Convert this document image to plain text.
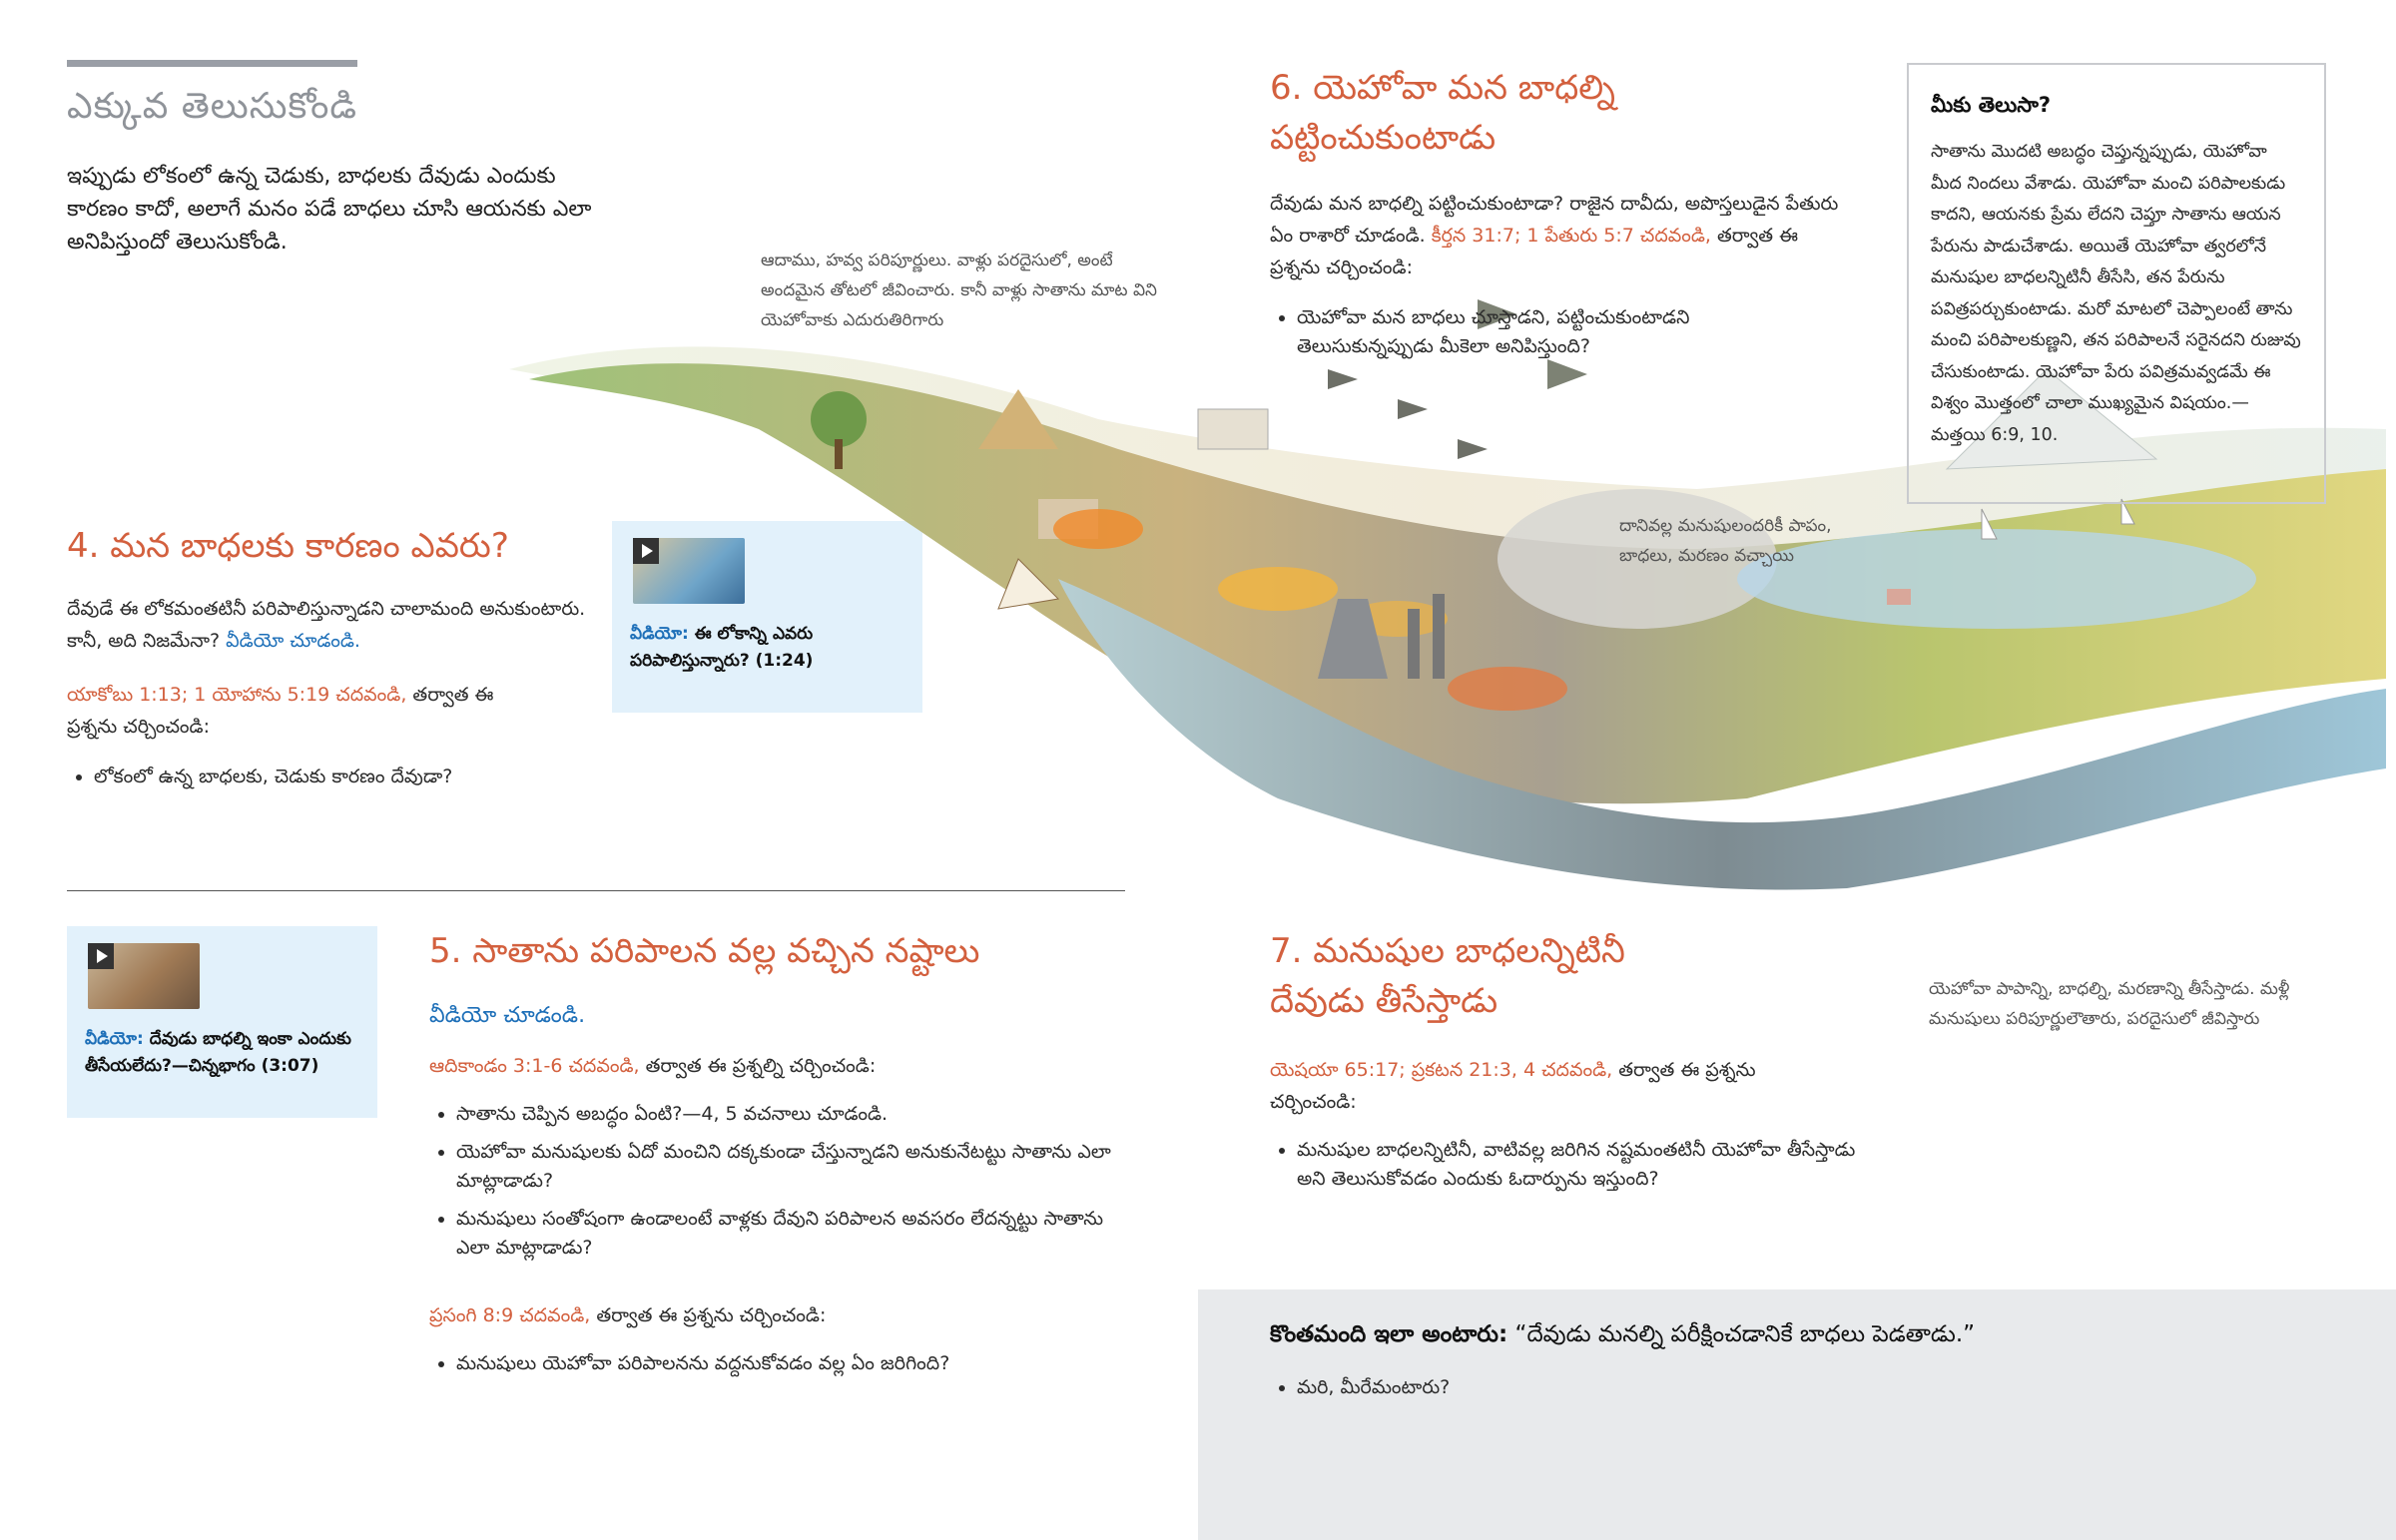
ఎక్కువ తెలుసుకోండి
ఇప్పుడు లోకంలో ఉన్న చెడుకు, బాధలకు దేవుడు ఎందుకు కారణం కాదో, అలాగే మనం పడే బాధలు చూసి ఆయనకు ఎలా అనిపిస్తుందో తెలుసుకోండి.
4. మన బాధలకు కారణం ఎవరు?
దేవుడే ఈ లోకమంతటినీ పరిపాలిస్తున్నాడని చాలామంది అనుకుంటారు. కానీ, అది నిజమేనా? వీడియో చూడండి.
యాకోబు 1:13; 1 యోహాను 5:19 చదవండి, తర్వాత ఈ ప్రశ్నను చర్చించండి:
• లోకంలో ఉన్న బాధలకు, చెడుకు కారణం దేవుడా?
వీడియో: ఈ లోకాన్ని ఎవరు పరిపాలిస్తున్నారు? (1:24)
వీడియో: దేవుడు బాధల్ని ఇంకా ఎందుకు తీసేయలేదు?—చిన్నభాగం (3:07)
5. సాతాను పరిపాలన వల్ల వచ్చిన నష్టాలు
వీడియో చూడండి.
ఆదికాండం 3:1-6 చదవండి, తర్వాత ఈ ప్రశ్నల్ని చర్చించండి:
• సాతాను చెప్పిన అబద్ధం ఏంటి?—4, 5 వచనాలు చూడండి.
• యెహోవా మనుషులకు ఏదో మంచిని దక్కకుండా చేస్తున్నాడని అనుకునేటట్టు సాతాను ఎలా మాట్లాడాడు?
• మనుషులు సంతోషంగా ఉండాలంటే వాళ్లకు దేవుని పరిపాలన అవసరం లేదన్నట్టు సాతాను ఎలా మాట్లాడాడు?
ప్రసంగి 8:9 చదవండి, తర్వాత ఈ ప్రశ్నను చర్చించండి:
• మనుషులు యెహోవా పరిపాలనను వద్దనుకోవడం వల్ల ఏం జరిగింది?
ఆదాము, హవ్వ పరిపూర్ణులు. వాళ్లు పరదైసులో, అంటే అందమైన తోటలో జీవించారు. కానీ వాళ్లు సాతాను మాట విని యెహోవాకు ఎదురుతిరిగారు
దానివల్ల మనుషులందరికీ పాపం, బాధలు, మరణం వచ్చాయి
యెహోవా పాపాన్ని, బాధల్ని, మరణాన్ని తీసేస్తాడు. మళ్లీ మనుషులు పరిపూర్ణులౌతారు, పరదైసులో జీవిస్తారు
6. యెహోవా మన బాధల్ని పట్టించుకుంటాడు
దేవుడు మన బాధల్ని పట్టించుకుంటాడా? రాజైన దావీదు, అపొస్తలుడైన పేతురు ఏం రాశారో చూడండి. కీర్తన 31:7; 1 పేతురు 5:7 చదవండి, తర్వాత ఈ ప్రశ్నను చర్చించండి:
• యెహోవా మన బాధలు చూస్తాడని, పట్టించుకుంటాడని తెలుసుకున్నప్పుడు మీకెలా అనిపిస్తుంది?
మీకు తెలుసా?
సాతాను మొదటి అబద్ధం చెప్తున్నప్పుడు, యెహోవా మీద నిందలు వేశాడు. యెహోవా మంచి పరిపాలకుడు కాదని, ఆయనకు ప్రేమ లేదని చెప్తూ సాతాను ఆయన పేరును పాడుచేశాడు. అయితే యెహోవా త్వరలోనే మనుషుల బాధలన్నిటినీ తీసేసి, తన పేరును పవిత్రపర్చుకుంటాడు. మరో మాటలో చెప్పాలంటే తాను మంచి పరిపాలకుణ్ణని, తన పరిపాలనే సరైనదని రుజువు చేసుకుంటాడు. యెహోవా పేరు పవిత్రమవ్వడమే ఈ విశ్వం మొత్తంలో చాలా ముఖ్యమైన విషయం.—మత్తయి 6:9, 10.
7. మనుషుల బాధలన్నిటినీ దేవుడు తీసేస్తాడు
యెషయా 65:17; ప్రకటన 21:3, 4 చదవండి, తర్వాత ఈ ప్రశ్నను చర్చించండి:
• మనుషుల బాధలన్నిటినీ, వాటివల్ల జరిగిన నష్టమంతటినీ యెహోవా తీసేస్తాడు అని తెలుసుకోవడం ఎందుకు ఓదార్పును ఇస్తుంది?
కొంతమంది ఇలా అంటారు: “దేవుడు మనల్ని పరీక్షించడానికే బాధలు పెడతాడు.”
• మరి, మీరేమంటారు?
